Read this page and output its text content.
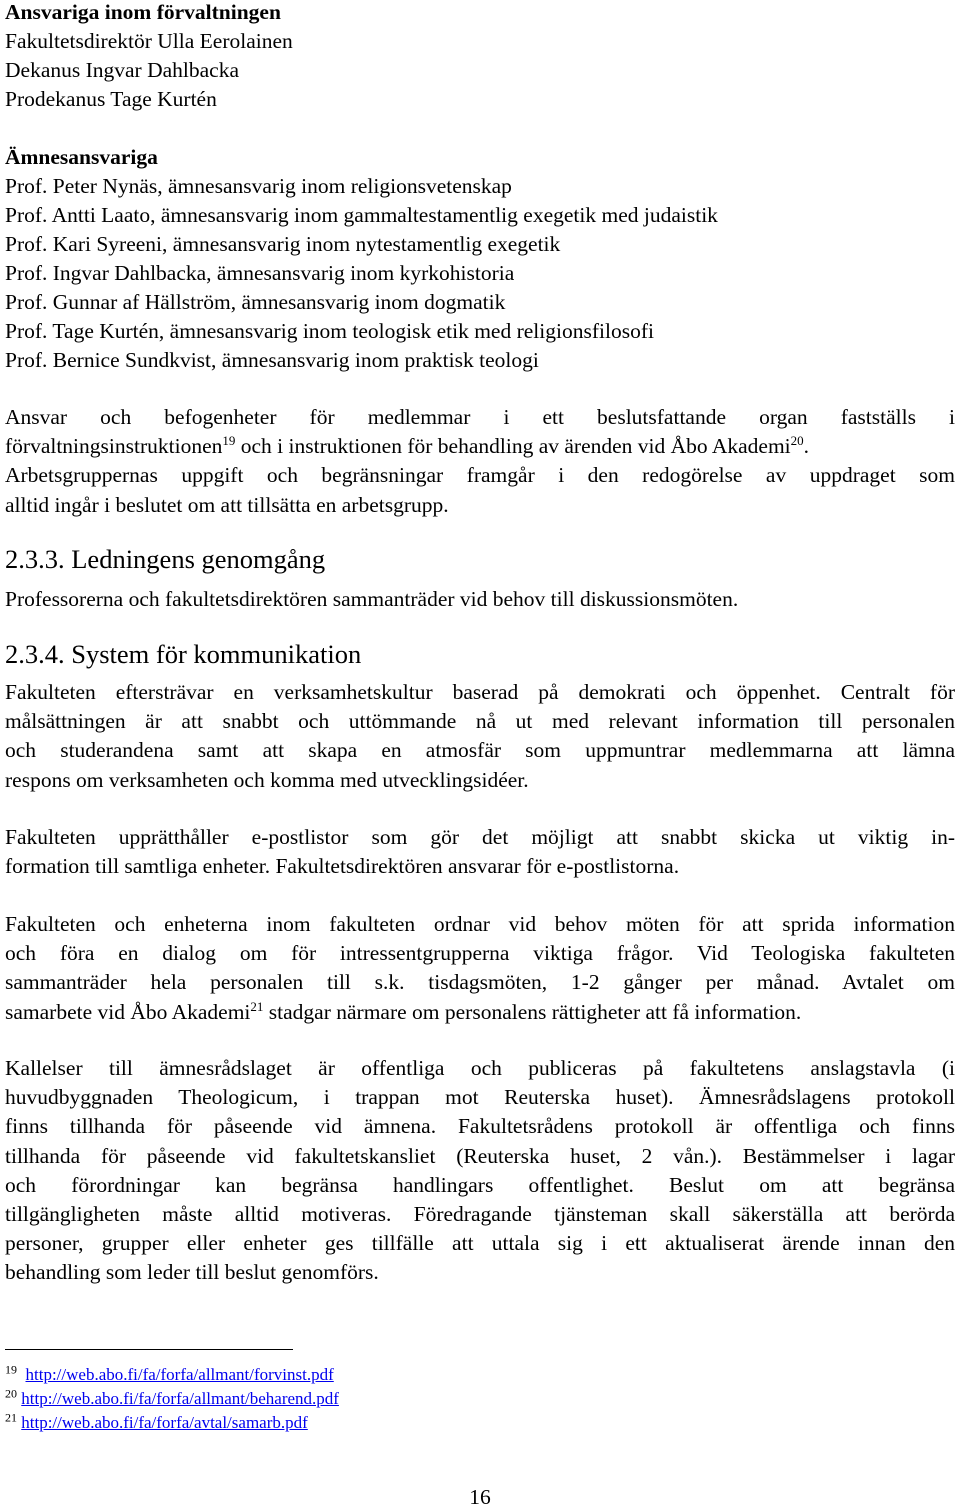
Ansvariga inom förvaltningen
Fakultetsdirektör Ulla Eerolainen
Dekanus Ingvar Dahlbacka
Prodekanus Tage Kurtén
Ämnesansvariga
Prof. Peter Nynäs, ämnesansvarig inom religionsvetenskap
Prof. Antti Laato, ämnesansvarig inom gammaltestamentlig exegetik med judaistik
Prof. Kari Syreeni, ämnesansvarig inom nytestamentlig exegetik
Prof. Ingvar Dahlbacka, ämnesansvarig inom kyrkohistoria
Prof. Gunnar af Hällström, ämnesansvarig inom dogmatik
Prof. Tage Kurtén, ämnesansvarig inom teologisk etik med religionsfilosofi
Prof. Bernice Sundkvist, ämnesansvarig inom praktisk teologi
Ansvar och befogenheter för medlemmar i ett beslutsfattande organ fastställs i
förvaltningsinstruktionen$^{19}$ och i instruktionen för behandling av ärenden vid Åbo Akademi$^{20}$.
Arbetsgruppernas uppgift och begränsningar framgår i den redogörelse av uppdraget som
alltid ingår i beslutet om att tillsätta en arbetsgrupp.
2.3.3. Ledningens genomgång
Professorerna och fakultetsdirektören sammanträder vid behov till diskussionsmöten.
2.3.4. System för kommunikation
Fakulteten eftersträvar en verksamhetskultur baserad på demokrati och öppenhet. Centralt för
målsättningen är att snabbt och uttömmande nå ut med relevant information till personalen
och studerandena samt att skapa en atmosfär som uppmuntrar medlemmarna att lämna
respons om verksamheten och komma med utvecklingsidéer.
Fakulteten upprätthåller e-postlistor som gör det möjligt att snabbt skicka ut viktig in-
formation till samtliga enheter. Fakultetsdirektören ansvarar för e-postlistorna.
Fakulteten och enheterna inom fakulteten ordnar vid behov möten för att sprida information
och föra en dialog om för intressentgrupperna viktiga frågor. Vid Teologiska fakulteten
sammanträder hela personalen till s.k. tisdagsmöten, 1-2 gånger per månad. Avtalet om
samarbete vid Åbo Akademi$^{21}$ stadgar närmare om personalens rättigheter att få information.
Kallelser till ämnesrådslaget är offentliga och publiceras på fakultetens anslagstavla (i
huvudbyggnaden Theologicum, i trappan mot Reuterska huset). Ämnesrådslagens protokoll
finns tillhanda för påseende vid ämnena. Fakultetsrådens protokoll är offentliga och finns
tillhanda för påseende vid fakultetskansliet (Reuterska huset, 2 vån.). Bestämmelser i lagar
och förordningar kan begränsa handlingars offentlighet. Beslut om att begränsa
tillgängligheten måste alltid motiveras. Föredragande tjänsteman skall säkerställa att berörda
personer, grupper eller enheter ges tillfälle att uttala sig i ett aktualiserat ärende innan den
behandling som leder till beslut genomförs.
$^{19}$ http://web.abo.fi/fa/forfa/allmant/forvinst.pdf
$^{20}$ http://web.abo.fi/fa/forfa/allmant/beharend.pdf
$^{21}$ http://web.abo.fi/fa/forfa/avtal/samarb.pdf
16
